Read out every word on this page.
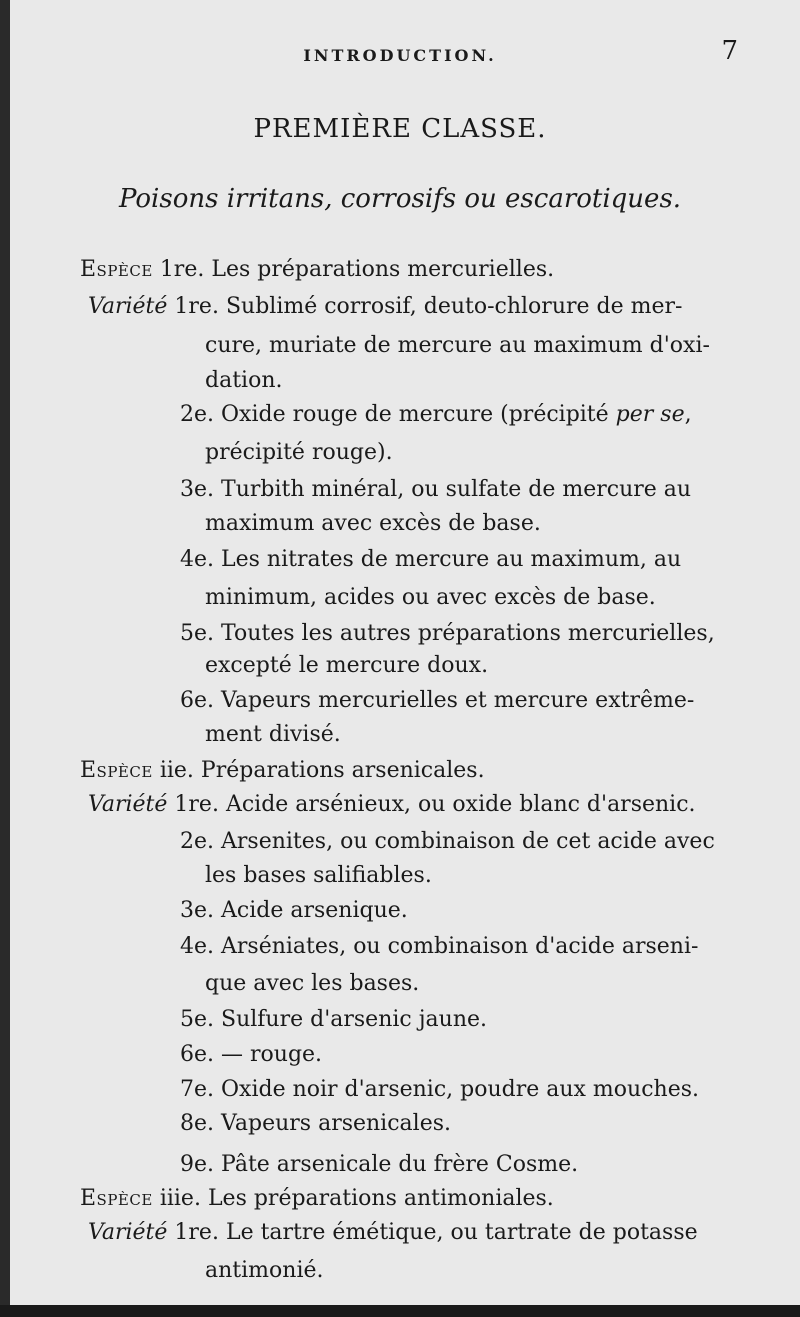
INTRODUCTION.	7
PREMIÈRE CLASSE.
Poisons irritans, corrosifs ou escarotiques.
Espèce 1re. Les préparations mercurielles.
Variété 1re. Sublimé corrosif, deuto-chlorure de mer-
cure, muriate de mercure au maximum d'oxi-
dation.
2e. Oxide rouge de mercure (précipité per se,
précipité rouge).
3e. Turbith minéral, ou sulfate de mercure au
maximum avec excès de base.
4e. Les nitrates de mercure au maximum, au
minimum, acides ou avec excès de base.
5e. Toutes les autres préparations mercurielles,
excepté le mercure doux.
6e. Vapeurs mercurielles et mercure extrême-
ment divisé.
Espèce iie. Préparations arsenicales.
Variété 1re. Acide arsénieux, ou oxide blanc d'arsenic.
2e. Arsenites, ou combinaison de cet acide avec
les bases salifiables.
3e. Acide arsenique.
4e. Arséniates, ou combinaison d'acide arseni-
que avec les bases.
5e. Sulfure d'arsenic jaune.
6e. — rouge.
7e. Oxide noir d'arsenic, poudre aux mouches.
8e. Vapeurs arsenicales.
9e. Pâte arsenicale du frère Cosme.
Espèce iiie. Les préparations antimoniales.
Variété 1re. Le tartre émétique, ou tartrate de potasse
antimonié.
